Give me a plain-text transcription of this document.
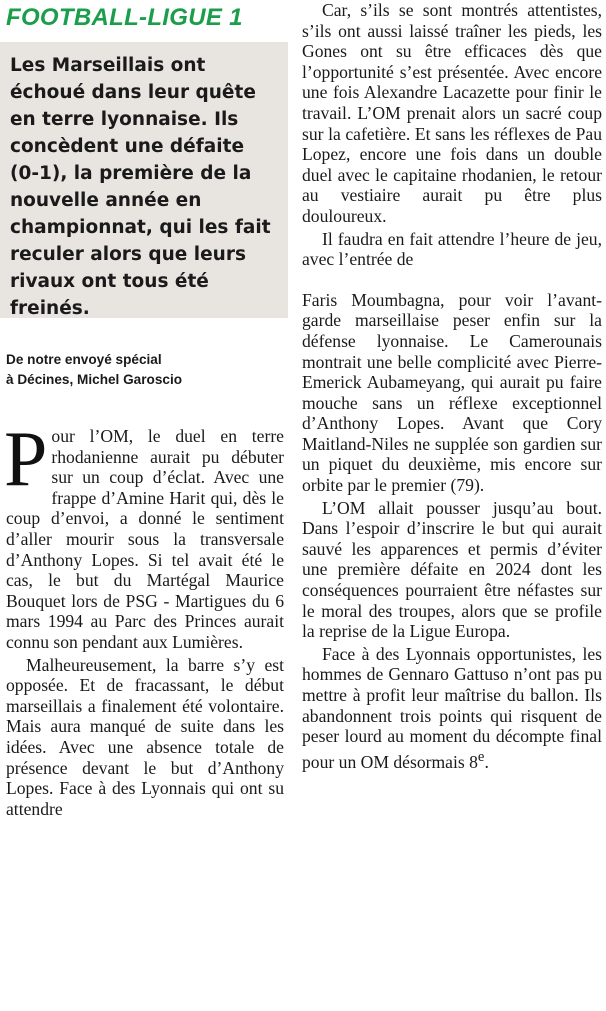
FOOTBALL-LIGUE 1

Les Marseillais ont échoué dans leur quête en terre lyonnaise. Ils concèdent une défaite (0-1), la première de la nouvelle année en championnat, qui les fait reculer alors que leurs rivaux ont tous été freinés.

De notre envoyé spécial
à Décines, Michel Garoscio

Pour l’OM, le duel en terre rhodanienne aurait pu débuter sur un coup d’éclat. Avec une frappe d’Amine Harit qui, dès le coup d’envoi, a donné le sentiment d’aller mourir sous la transversale d’Anthony Lopes. Si tel avait été le cas, le but du Martégal Maurice Bouquet lors de PSG - Martigues du 6 mars 1994 au Parc des Princes aurait connu son pendant aux Lumières.

Malheureusement, la barre s’y est opposée. Et de fracassant, le début marseillais a finalement été volontaire. Mais aura manqué de suite dans les idées. Avec une absence totale de présence devant le but d’Anthony Lopes. Face à des Lyonnais qui ont su attendre

Car, s’ils se sont montrés attentistes, s’ils ont aussi laissé traîner les pieds, les Gones ont su être efficaces dès que l’opportunité s’est présentée. Avec encore une fois Alexandre Lacazette pour finir le travail. L’OM prenait alors un sacré coup sur la cafetière. Et sans les réflexes de Pau Lopez, encore une fois dans un double duel avec le capitaine rhodanien, le retour au vestiaire aurait pu être plus douloureux.

Il faudra en fait attendre l’heure de jeu, avec l’entrée de

Faris Moumbagna, pour voir l’avant-garde marseillaise peser enfin sur la défense lyonnaise. Le Camerounais montrait une belle complicité avec Pierre-Emerick Aubameyang, qui aurait pu faire mouche sans un réflexe exceptionnel d’Anthony Lopes. Avant que Cory Maitland-Niles ne supplée son gardien sur un piquet du deuxième, mis encore sur orbite par le premier (79).

L’OM allait pousser jusqu’au bout. Dans l’espoir d’inscrire le but qui aurait sauvé les apparences et permis d’éviter une première défaite en 2024 dont les conséquences pourraient être néfastes sur le moral des troupes, alors que se profile la reprise de la Ligue Europa.

Face à des Lyonnais opportunistes, les hommes de Gennaro Gattuso n’ont pas pu mettre à profit leur maîtrise du ballon. Ils abandonnent trois points qui risquent de peser lourd au moment du décompte final pour un OM désormais 8e.
